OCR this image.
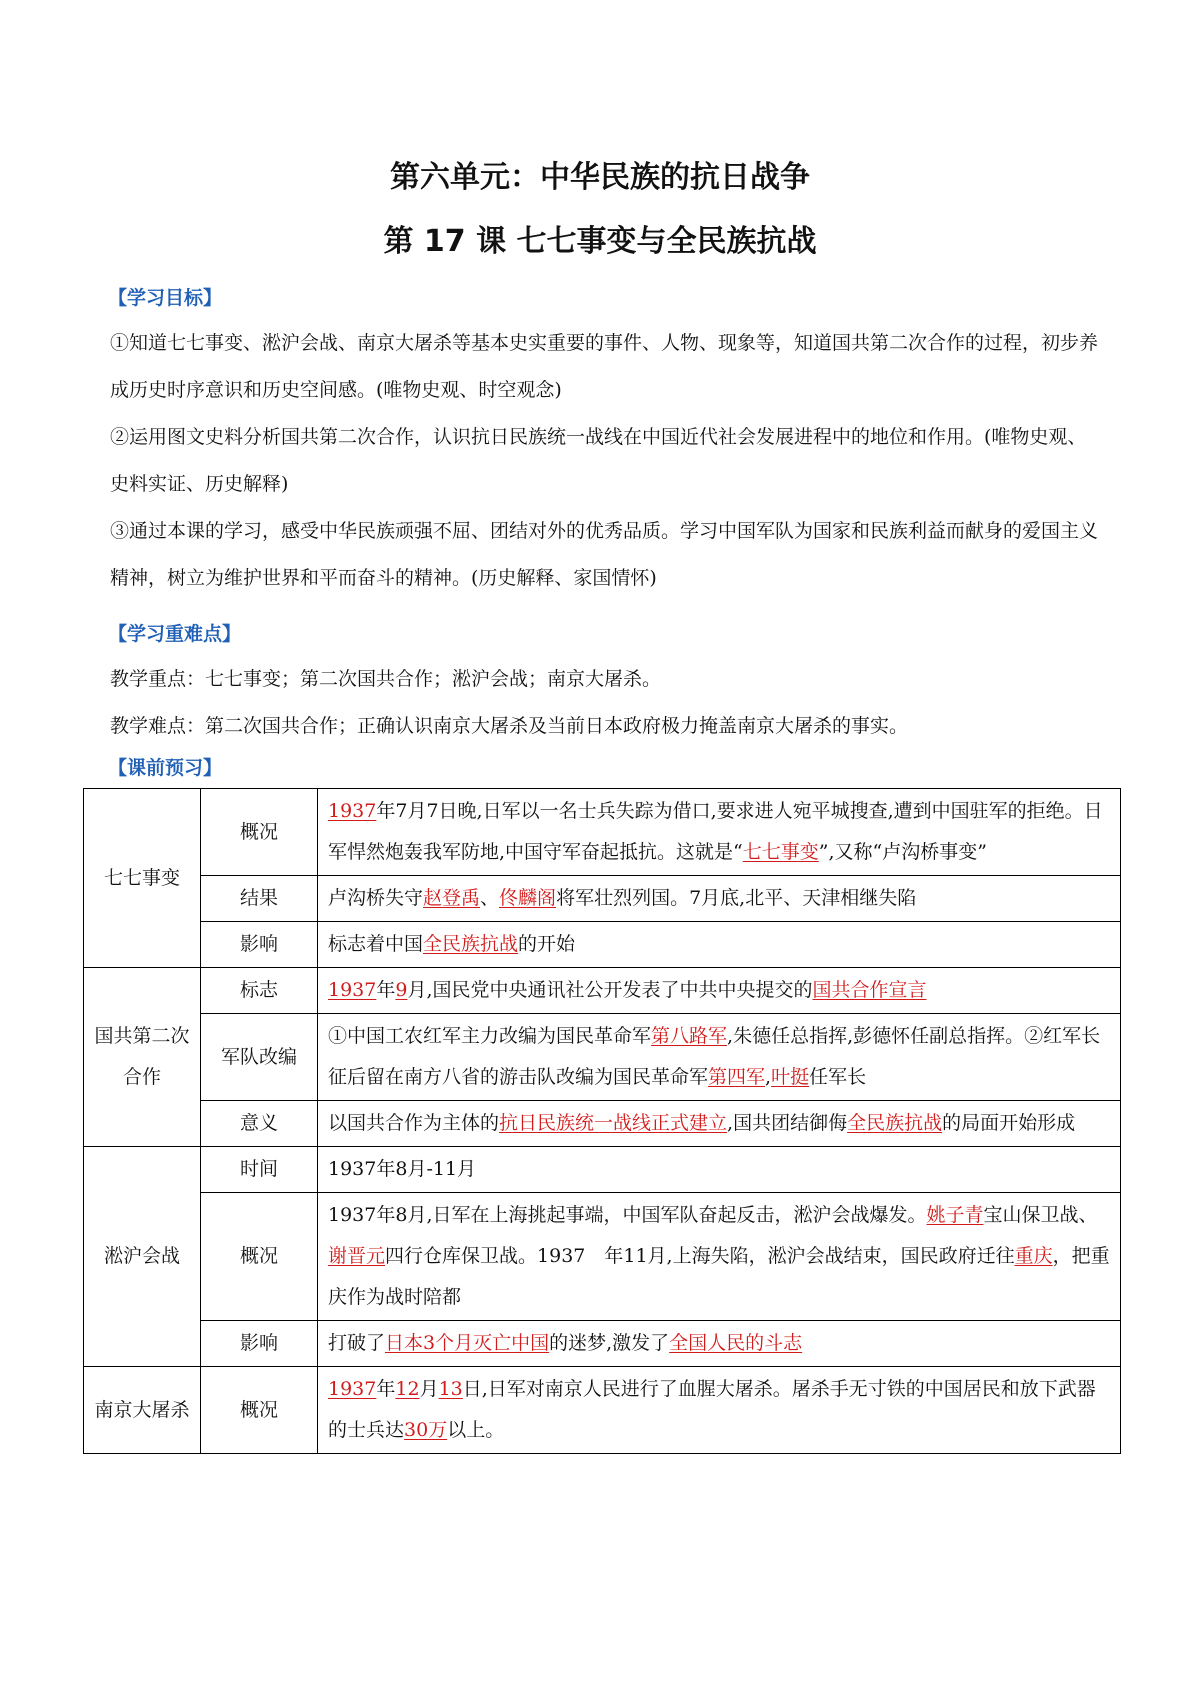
第六单元：中华民族的抗日战争
第 17 课 七七事变与全民族抗战
【学习目标】

①知道七七事变、淞沪会战、南京大屠杀等基本史实重要的事件、人物、现象等，知道国共第二次合作的过程，初步养成历史时序意识和历史空间感。(唯物史观、时空观念)

②运用图文史料分析国共第二次合作，认识抗日民族统一战线在中国近代社会发展进程中的地位和作用。(唯物史观、史料实证、历史解释)

③通过本课的学习，感受中华民族顽强不屈、团结对外的优秀品质。学习中国军队为国家和民族利益而献身的爱国主义精神，树立为维护世界和平而奋斗的精神。(历史解释、家国情怀)

【学习重难点】

教学重点：七七事变；第二次国共合作；淞沪会战；南京大屠杀。

教学难点：第二次国共合作；正确认识南京大屠杀及当前日本政府极力掩盖南京大屠杀的事实。

【课前预习】
七七事变	概况	1937年7月7日晚,日军以一名士兵失踪为借口,要求进人宛平城搜查,遭到中国驻军的拒绝。日军悍然炮轰我军防地,中国守军奋起抵抗。这就是“七七事变”,又称“卢沟桥事变”
	结果	卢沟桥失守赵登禹、佟麟阁将军壮烈列国。7月底,北平、天津相继失陷
	影响	标志着中国全民族抗战的开始
国共第二次合作	标志	1937年9月,国民党中央通讯社公开发表了中共中央提交的国共合作宣言
	军队改编	①中国工农红军主力改编为国民革命军第八路军,朱德任总指挥,彭德怀任副总指挥。②红军长征后留在南方八省的游击队改编为国民革命军第四军,叶挺任军长
	意义	以国共合作为主体的抗日民族统一战线正式建立,国共团结御侮全民族抗战的局面开始形成
淞沪会战	时间	1937年8月-11月
	概况	1937年8月,日军在上海挑起事端，中国军队奋起反击，淞沪会战爆发。姚子青宝山保卫战、谢晋元四行仓库保卫战。1937　年11月,上海失陷，淞沪会战结束，国民政府迁往重庆，把重庆作为战时陪都
	影响	打破了日本3个月灭亡中国的迷梦,激发了全国人民的斗志
南京大屠杀	概况	1937年12月13日,日军对南京人民进行了血腥大屠杀。屠杀手无寸铁的中国居民和放下武器的士兵达30万以上。
